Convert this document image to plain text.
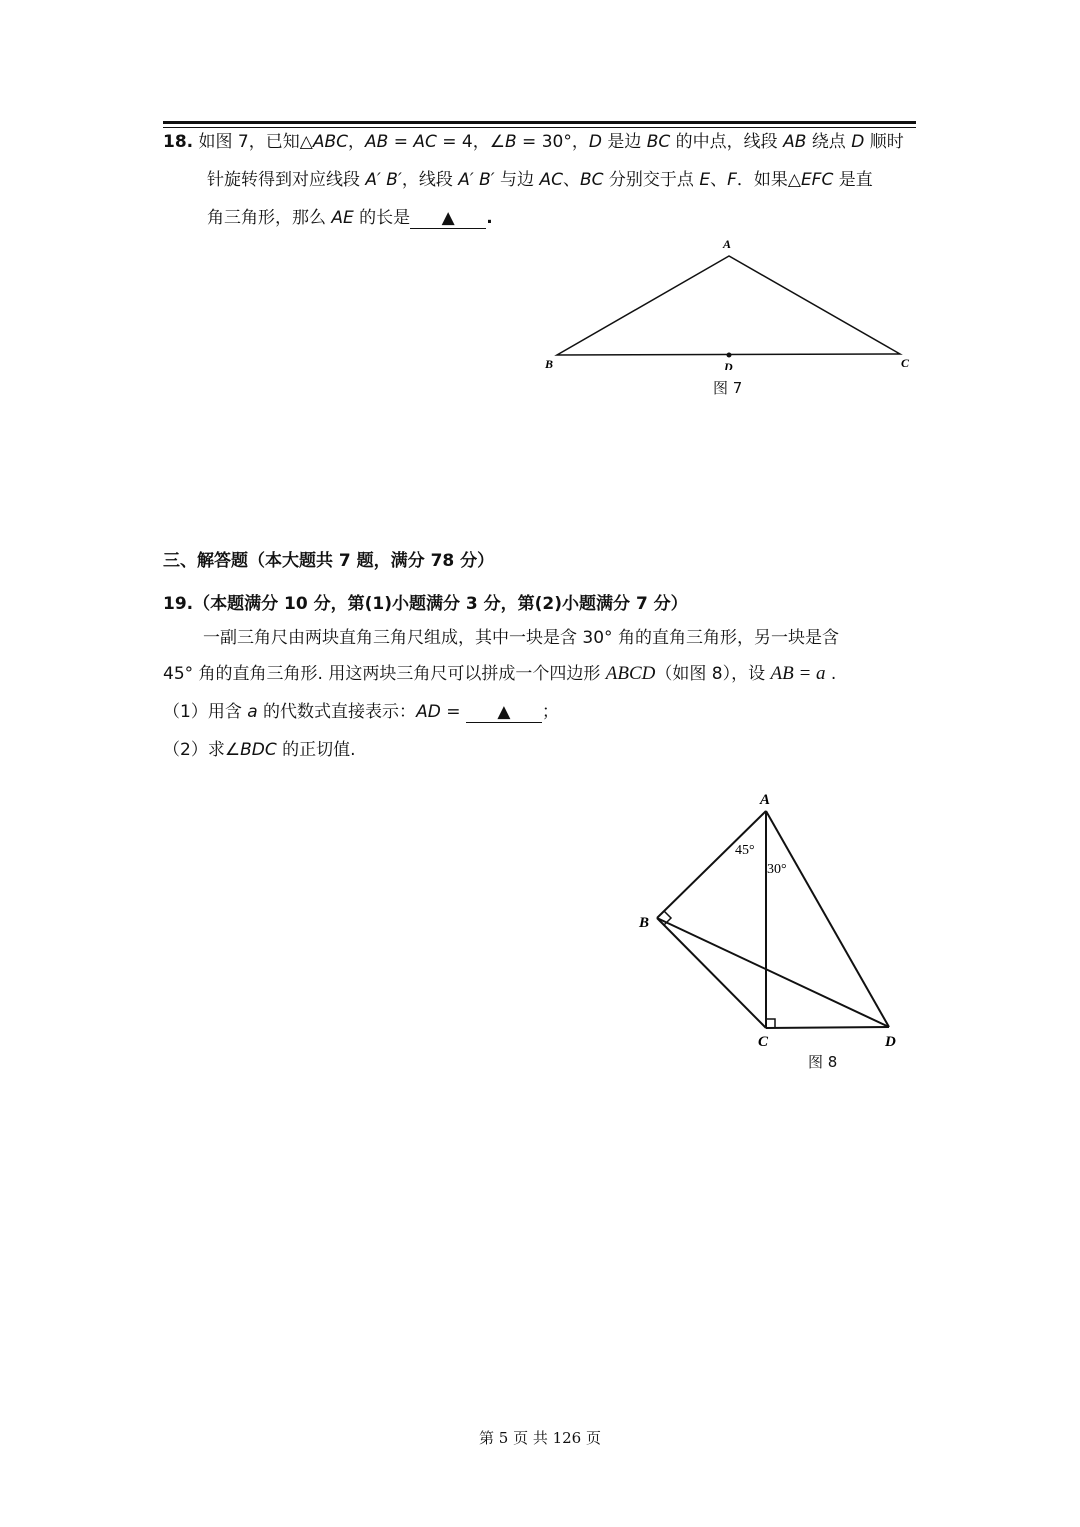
18. 如图 7，已知△ABC，AB = AC = 4，∠B = 30°，D 是边 BC 的中点，线段 AB 绕点 D 顺时
针旋转得到对应线段 A′ B′，线段 A′ B′ 与边 AC、BC 分别交于点 E、F．如果△EFC 是直
角三角形，那么 AE 的长是 ▲ .
A
B	C
D
图 7
三、解答题（本大题共 7 题，满分 78 分）
19.（本题满分 10 分，第(1)小题满分 3 分，第(2)小题满分 7 分）
一副三角尺由两块直角三角尺组成，其中一块是含 30° 角的直角三角形，另一块是含
45° 角的直角三角形. 用这两块三角尺可以拼成一个四边形 ABCD（如图 8），设 AB = a .
（1）用含 a 的代数式直接表示：AD = ▲ ；
（2）求∠BDC 的正切值.
A
B
C	D
45°
30°
图 8
第 5 页 共 126 页
